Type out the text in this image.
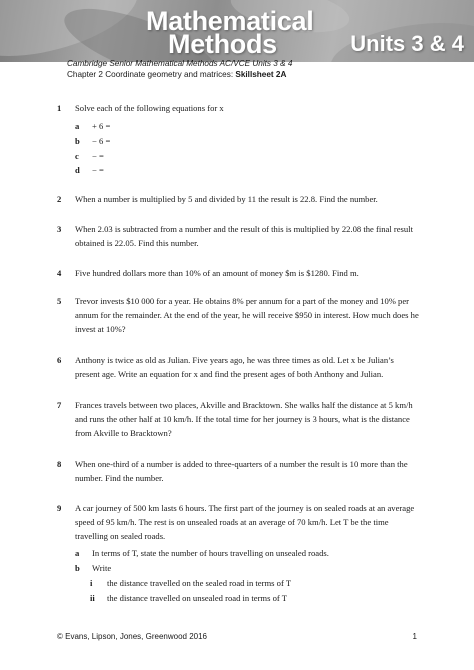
Mathematical
Methods	Units 3 & 4
Cambridge Senior Mathematical Methods AC/VCE Units 3 & 4
Chapter 2 Coordinate geometry and matrices: Skillsheet 2A
1 Solve each of the following equations for x
a + 6 =
b − 6 =
c − =
d − =
2 When a number is multiplied by 5 and divided by 11 the result is 22.8. Find the number.
3 When 2.03 is subtracted from a number and the result of this is multiplied by 22.08 the final result obtained is 22.05. Find this number.
4 Five hundred dollars more than 10% of an amount of money $m is $1280. Find m.
5 Trevor invests $10 000 for a year. He obtains 8% per annum for a part of the money and 10% per annum for the remainder. At the end of the year, he will receive $950 in interest. How much does he invest at 10%?
6 Anthony is twice as old as Julian. Five years ago, he was three times as old. Let x be Julian’s present age. Write an equation for x and find the present ages of both Anthony and Julian.
7 Frances travels between two places, Akville and Bracktown. She walks half the distance at 5 km/h and runs the other half at 10 km/h. If the total time for her journey is 3 hours, what is the distance from Akville to Bracktown?
8 When one-third of a number is added to three-quarters of a number the result is 10 more than the number. Find the number.
9 A car journey of 500 km lasts 6 hours. The first part of the journey is on sealed roads at an average speed of 95 km/h. The rest is on unsealed roads at an average of 70 km/h. Let T be the time travelling on sealed roads.
a In terms of T, state the number of hours travelling on unsealed roads.
b Write
i the distance travelled on the sealed road in terms of T
ii the distance travelled on unsealed road in terms of T
© Evans, Lipson, Jones, Greenwood 2016	1
